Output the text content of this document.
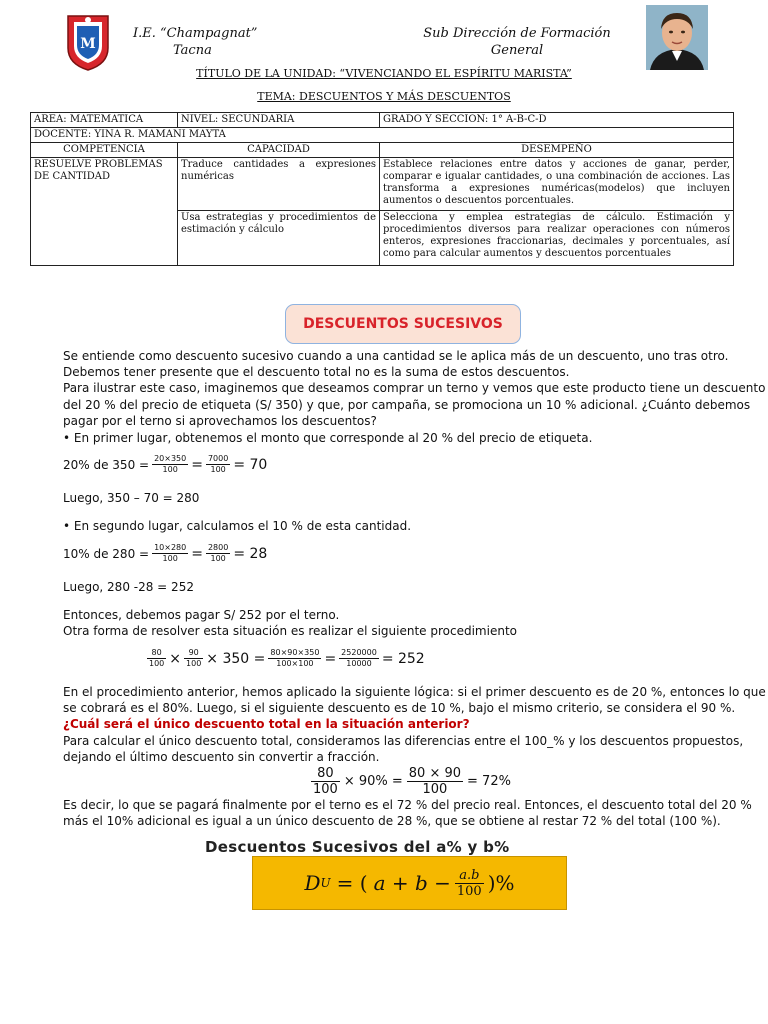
M
I.E. “Champagnat”
Tacna
Sub Dirección de Formación
General
TÍTULO DE LA UNIDAD: “VIVENCIANDO EL ESPÍRITU MARISTA”
TEMA: DESCUENTOS Y MÁS DESCUENTOS
AREA: MATEMATICA	NIVEL: SECUNDARIA	GRADO Y SECCION: 1° A-B-C-D
DOCENTE: YINA R. MAMANI MAYTA		
COMPETENCIA	CAPACIDAD	DESEMPEÑO
RESUELVE PROBLEMAS DE CANTIDAD	Traduce cantidades a expresiones numéricas	Establece relaciones entre datos y acciones de ganar, perder, comparar e igualar cantidades, o una combinación de acciones. Las transforma a expresiones numéricas(modelos) que incluyen aumentos o descuentos porcentuales.
	Usa estrategias y procedimientos de estimación y cálculo	Selecciona y emplea estrategias de cálculo. Estimación y procedimientos diversos para realizar operaciones con números enteros, expresiones fraccionarias, decimales y porcentuales, así como para calcular aumentos y descuentos porcentuales
DESCUENTOS SUCESIVOS
Se entiende como descuento sucesivo cuando a una cantidad se le aplica más de un descuento, uno tras otro.
Debemos tener presente que el descuento total no es la suma de estos descuentos.
Para ilustrar este caso, imaginemos que deseamos comprar un terno y vemos que este producto tiene un descuento
del 20 % del precio de etiqueta (S/ 350) y que, por campaña, se promociona un 10 % adicional. ¿Cuánto debemos
pagar por el terno si aprovechamos los descuentos?
• En primer lugar, obtenemos el monto que corresponde al 20 % del precio de etiqueta.
20% de $350 = \frac{20\times 350}{100} = \frac{7000}{100} = 70$
Luego, 350 – 70 = 280
• En segundo lugar, calculamos el 10 % de esta cantidad.
10% de $280 = \frac{10\times 280}{100} = \frac{2800}{100} = 28$
Luego, 280 -28 = 252
Entonces, debemos pagar S/ 252 por el terno.
Otra forma de resolver esta situación es realizar el siguiente procedimiento
$\frac{80}{100} \times \frac{90}{100} \times 350 = \frac{80\times 90\times 350}{100\times 100} = \frac{2520000}{10000} = 252$
En el procedimiento anterior, hemos aplicado la siguiente lógica: si el primer descuento es de 20 %, entonces lo que
se cobrará es el 80%. Luego, si el siguiente descuento es de 10 %, bajo el mismo criterio, se considera el 90 %.
¿Cuál será el único descuento total en la situación anterior?
Para calcular el único descuento total, consideramos las diferencias entre el 100_% y los descuentos propuestos,
dejando el último descuento sin convertir a fracción.
$\frac{80}{100} \times 90\% = \frac{80 \times 90}{100} = 72\%$
Es decir, lo que se pagará finalmente por el terno es el 72 % del precio real. Entonces, el descuento total del 20 %
más el 10% adicional es igual a un único descuento de 28 %, que se obtiene al restar 72 % del total (100 %).
Descuentos Sucesivos del a% y b%
D U = ( $a + b - \frac{a.b}{100}$ )%
